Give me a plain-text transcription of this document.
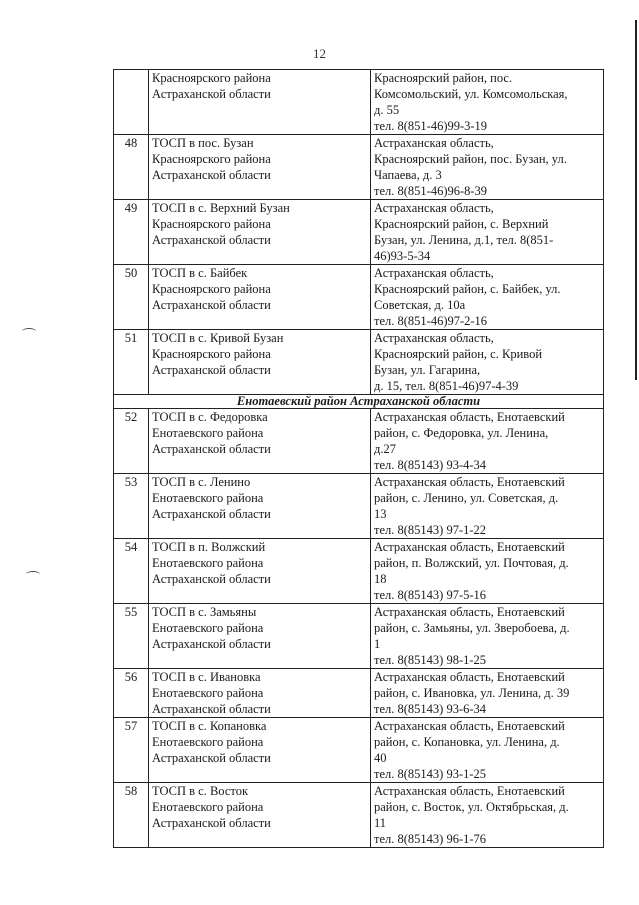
12

	Красноярского района
Астраханской области	Красноярский район, пос.
Комсомольский, ул. Комсомольская,
д. 55
тел. 8(851-46)99-3-19

48	ТОСП в пос. Бузан
Красноярского района
Астраханской области	Астраханская область,
Красноярский район, пос. Бузан, ул.
Чапаева, д. 3
тел. 8(851-46)96-8-39

49	ТОСП в с. Верхний Бузан
Красноярского района
Астраханской области	Астраханская область,
Красноярский район, с. Верхний
Бузан, ул. Ленина, д.1, тел. 8(851-
46)93-5-34

50	ТОСП в с. Байбек
Красноярского района
Астраханской области	Астраханская область,
Красноярский район, с. Байбек, ул.
Советская, д. 10а
тел. 8(851-46)97-2-16

51	ТОСП в с. Кривой Бузан
Красноярского района
Астраханской области	Астраханская область,
Красноярский район, с. Кривой
Бузан, ул. Гагарина,
д. 15, тел. 8(851-46)97-4-39

Енотаевский район Астраханской области		
52	ТОСП в с. Федоровка
Енотаевского района
Астраханской области	Астраханская область, Енотаевский
район, с. Федоровка, ул. Ленина,
д.27
тел. 8(85143) 93-4-34

53	ТОСП в с. Ленино
Енотаевского района
Астраханской области	Астраханская область, Енотаевский
район, с. Ленино, ул. Советская, д.
13
тел. 8(85143) 97-1-22

54	ТОСП в п. Волжский
Енотаевского района
Астраханской области	Астраханская область, Енотаевский
район, п. Волжский, ул. Почтовая, д.
18
тел. 8(85143) 97-5-16

55	ТОСП в с. Замьяны
Енотаевского района
Астраханской области	Астраханская область, Енотаевский
район, с. Замьяны, ул. Зверобоева, д.
1
тел. 8(85143) 98-1-25

56	ТОСП в с. Ивановка
Енотаевского района
Астраханской области	Астраханская область, Енотаевский
район, с. Ивановка, ул. Ленина, д. 39
тел. 8(85143) 93-6-34

57	ТОСП в с. Копановка
Енотаевского района
Астраханской области	Астраханская область, Енотаевский
район, с. Копановка, ул. Ленина, д.
40
тел. 8(85143) 93-1-25

58	ТОСП в с. Восток
Енотаевского района
Астраханской области	Астраханская область, Енотаевский
район, с. Восток, ул. Октябрьская, д.
11
тел. 8(85143) 96-1-76
